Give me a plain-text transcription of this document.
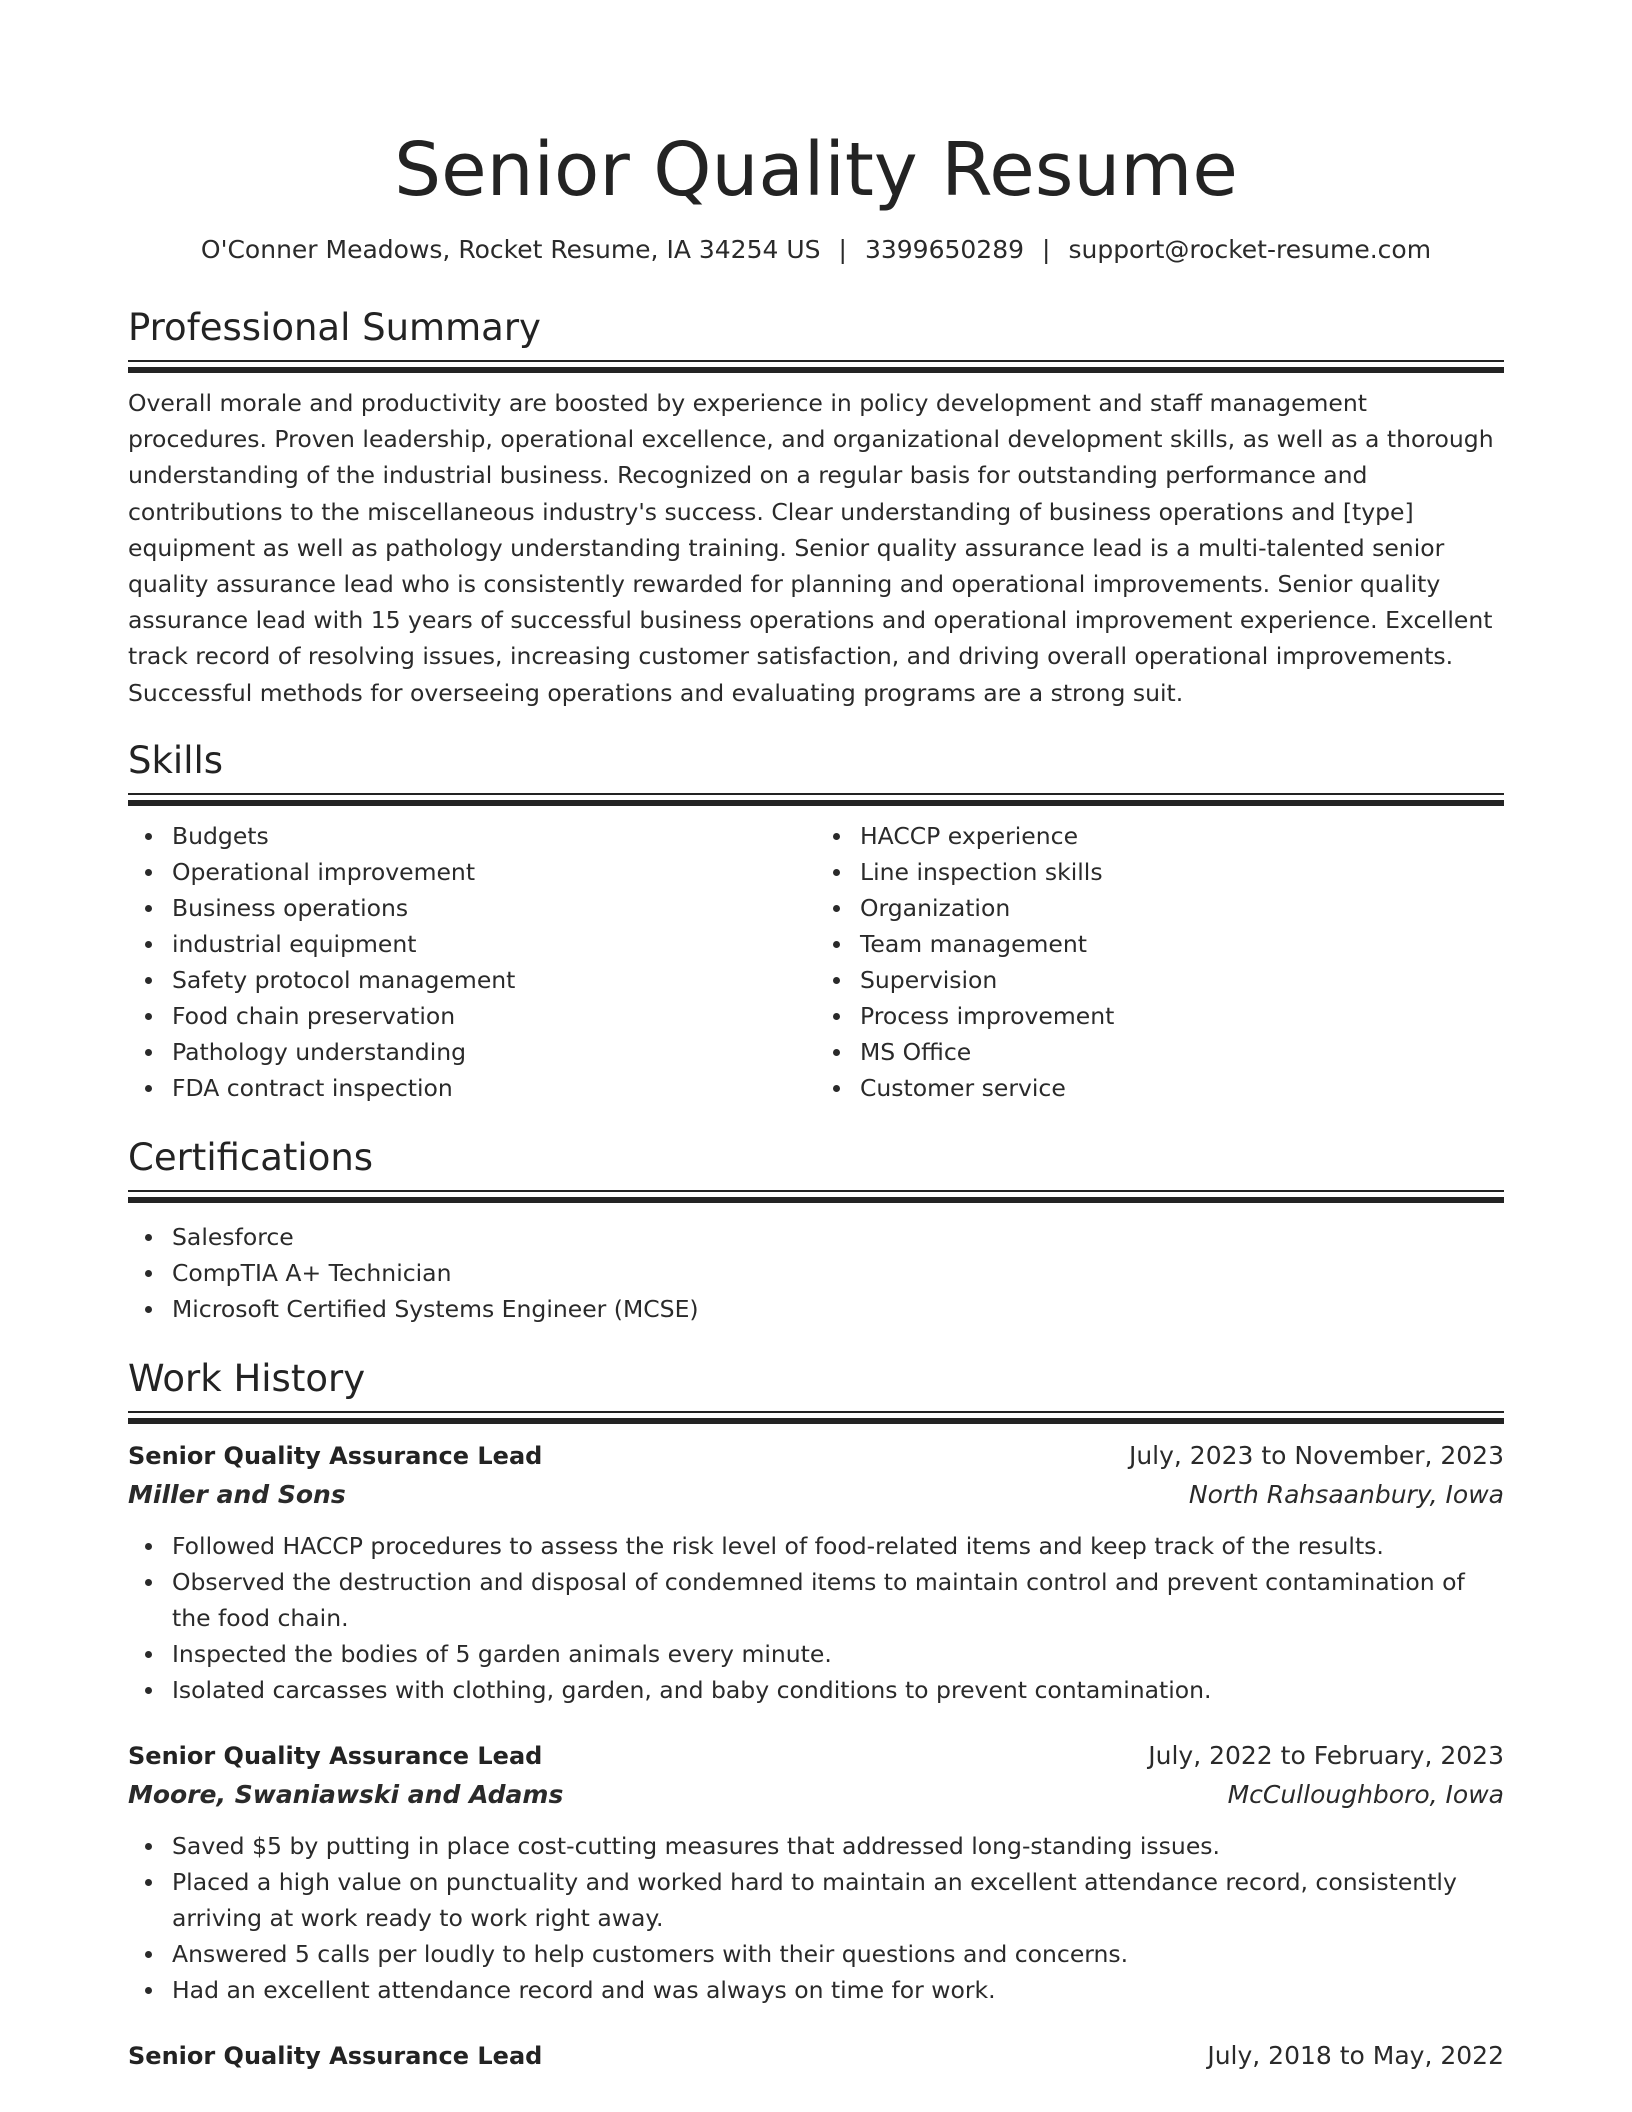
Senior Quality Resume
O'Conner Meadows, Rocket Resume, IA 34254 US | 3399650289 | support@rocket-resume.com
Professional Summary

Overall morale and productivity are boosted by experience in policy development and staff management procedures. Proven leadership, operational excellence, and organizational development skills, as well as a thorough understanding of the industrial business. Recognized on a regular basis for outstanding performance and contributions to the miscellaneous industry's success. Clear understanding of business operations and [type] equipment as well as pathology understanding training. Senior quality assurance lead is a multi-talented senior quality assurance lead who is consistently rewarded for planning and operational improvements. Senior quality assurance lead with 15 years of successful business operations and operational improvement experience. Excellent track record of resolving issues, increasing customer satisfaction, and driving overall operational improvements. Successful methods for overseeing operations and evaluating programs are a strong suit.

Skills
Budgets
Operational improvement
Business operations
industrial equipment
Safety protocol management
Food chain preservation
Pathology understanding
FDA contract inspection
HACCP experience
Line inspection skills
Organization
Team management
Supervision
Process improvement
MS Office
Customer service
Certifications
Salesforce
CompTIA A+ Technician
Microsoft Certified Systems Engineer (MCSE)
Work History
Senior Quality Assurance Lead	July, 2023 to November, 2023
Miller and Sons	North Rahsaanbury, Iowa
Followed HACCP procedures to assess the risk level of food-related items and keep track of the results.
Observed the destruction and disposal of condemned items to maintain control and prevent contamination of the food chain.
Inspected the bodies of 5 garden animals every minute.
Isolated carcasses with clothing, garden, and baby conditions to prevent contamination.
Senior Quality Assurance Lead	July, 2022 to February, 2023
Moore, Swaniawski and Adams	McCulloughboro, Iowa
Saved $5 by putting in place cost-cutting measures that addressed long-standing issues.
Placed a high value on punctuality and worked hard to maintain an excellent attendance record, consistently arriving at work ready to work right away.
Answered 5 calls per loudly to help customers with their questions and concerns.
Had an excellent attendance record and was always on time for work.
Senior Quality Assurance Lead	July, 2018 to May, 2022
